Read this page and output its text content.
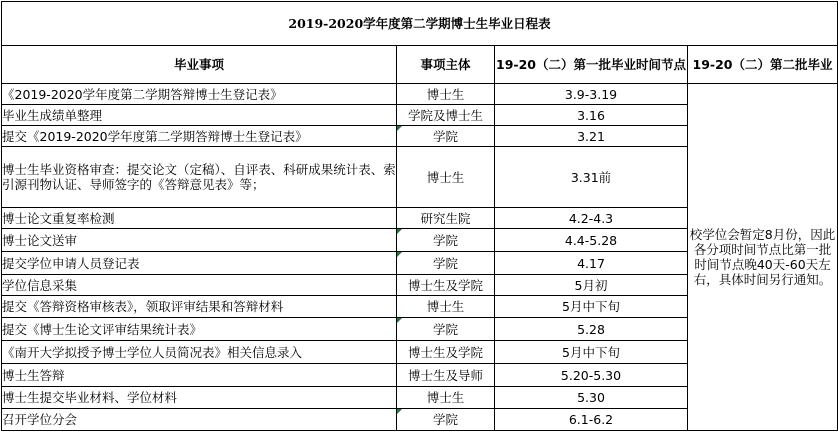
2019-2020学年度第二学期博士生毕业日程表			
毕业事项	事项主体	19-20（二）第一批毕业时间节点	19-20（二）第二批毕业
《2019-2020学年度第二学期答辩博士生登记表》	博士生	3.9-3.19	校学位会暂定8月份，因此各分项时间节点比第一批时间节点晚40天-60天左右，具体时间另行通知。
毕业生成绩单整理	学院及博士生	3.16	
提交《2019-2020学年度第二学期答辩博士生登记表》	学院	3.21	
博士生毕业资格审查：提交论文（定稿）、自评表、科研成果统计表、索引源刊物认证、导师签字的《答辩意见表》等；	博士生	3.31前	
博士论文重复率检测	研究生院	4.2-4.3	
博士论文送审	学院	4.4-5.28	
提交学位申请人员登记表	学院	4.17	
学位信息采集	博士生及学院	5月初	
提交《答辩资格审核表》，领取评审结果和答辩材料	博士生	5月中下旬	
提交《博士生论文评审结果统计表》	学院	5.28	
《南开大学拟授予博士学位人员简况表》相关信息录入	博士生及学院	5月中下旬	
博士生答辩	博士生及导师	5.20-5.30	
博士生提交毕业材料、学位材料	博士生	5.30	
召开学位分会	学院	6.1-6.2	
